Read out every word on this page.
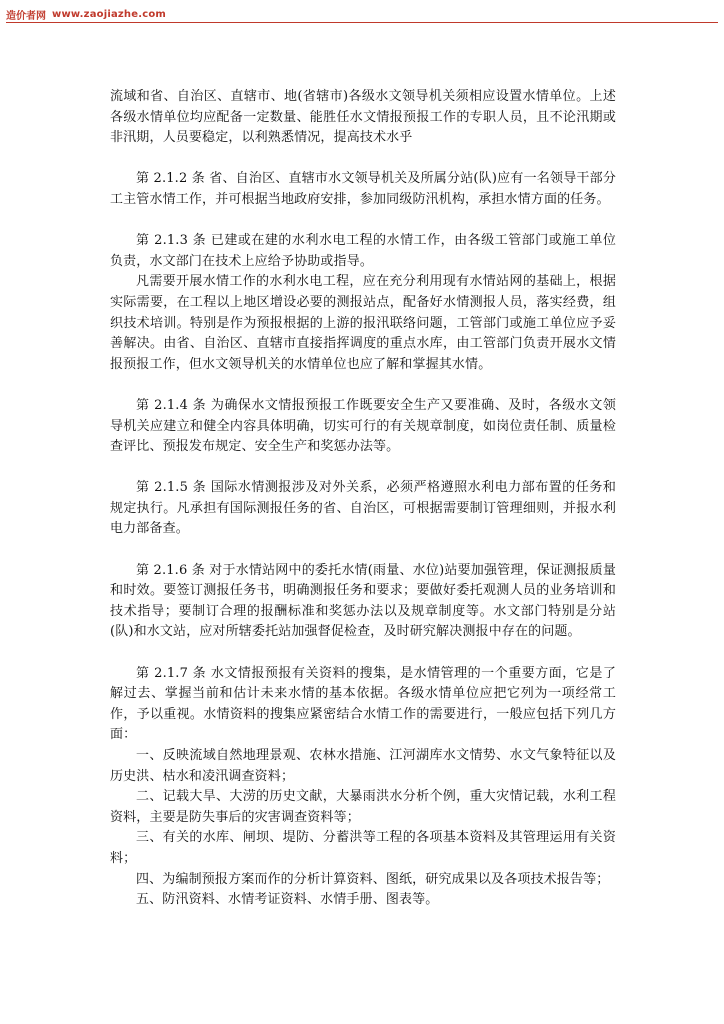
造价者网 www.zaojiazhe.com

流域和省、自治区、直辖市、地(省辖市)各级水文领导机关须相应设置水情单位。上述各级水情单位均应配备一定数量、能胜任水文情报预报工作的专职人员，且不论汛期或非汛期，人员要稳定，以利熟悉情况，提高技术水乎

第 2.1.2 条 省、自治区、直辖市水文领导机关及所属分站(队)应有一名领导干部分工主管水情工作，并可根据当地政府安排，参加同级防汛机构，承担水情方面的任务。

第 2.1.3 条 已建或在建的水利水电工程的水情工作，由各级工管部门或施工单位负责，水文部门在技术上应给予协助或指导。

凡需要开展水情工作的水利水电工程，应在充分利用现有水情站网的基础上，根据实际需要，在工程以上地区增设必要的测报站点，配备好水情测报人员，落实经费，组织技术培训。特别是作为预报根据的上游的报汛联络问题，工管部门或施工单位应予妥善解决。由省、自治区、直辖市直接指挥调度的重点水库，由工管部门负责开展水文情报预报工作，但水文领导机关的水情单位也应了解和掌握其水情。

第 2.1.4 条 为确保水文情报预报工作既要安全生产又要准确、及时，各级水文领导机关应建立和健全内容具体明确，切实可行的有关规章制度，如岗位责任制、质量检查评比、预报发布规定、安全生产和奖惩办法等。

第 2.1.5 条 国际水情测报涉及对外关系，必须严格遵照水利电力部布置的任务和规定执行。凡承担有国际测报任务的省、自治区，可根据需要制订管理细则，并报水利电力部备查。

第 2.1.6 条 对于水情站网中的委托水情(雨量、水位)站要加强管理，保证测报质量和时效。要签订测报任务书，明确测报任务和要求；要做好委托观测人员的业务培训和技术指导；要制订合理的报酬标准和奖惩办法以及规章制度等。水文部门特别是分站(队)和水文站，应对所辖委托站加强督促检查，及时研究解决测报中存在的问题。

第 2.1.7 条 水文情报预报有关资料的搜集，是水情管理的一个重要方面，它是了解过去、掌握当前和估计未来水情的基本依据。各级水情单位应把它列为一项经常工作，予以重视。水情资料的搜集应紧密结合水情工作的需要进行，一般应包括下列几方面：

一、反映流域自然地理景观、农林水措施、江河湖库水文情势、水文气象特征以及历史洪、枯水和凌汛调查资料；

二、记载大旱、大涝的历史文献，大暴雨洪水分析个例，重大灾情记载，水利工程资料，主要是防失事后的灾害调查资料等；

三、有关的水库、闸坝、堤防、分蓄洪等工程的各项基本资料及其管理运用有关资料；

四、为编制预报方案而作的分析计算资料、图纸，研究成果以及各项技术报告等；

五、防汛资料、水情考证资料、水情手册、图表等。
